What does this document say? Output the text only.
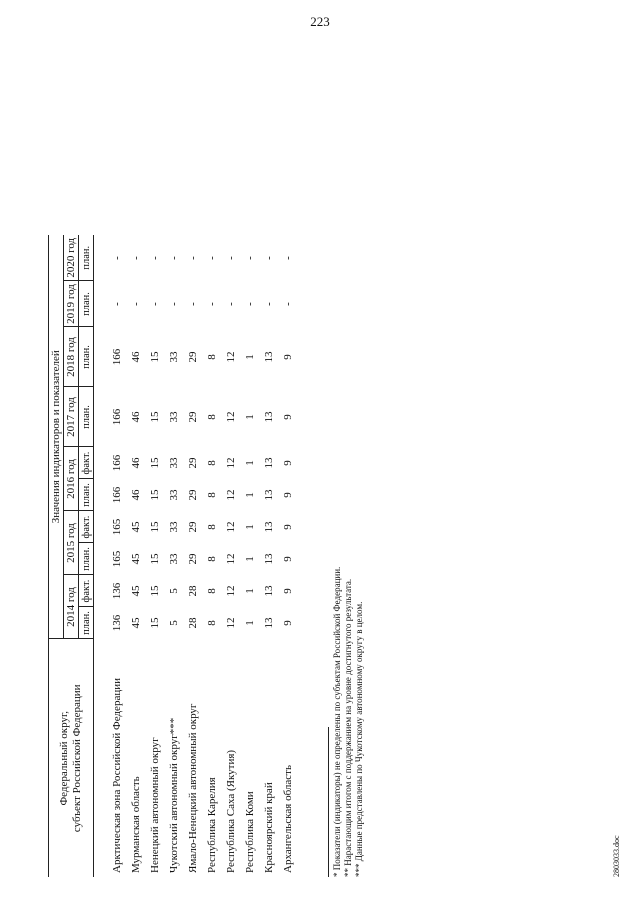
223
Федеральный округ, субъект Российской Федерации	Значения индикаторов и показателей									
	2014 год		2015 год		2016 год		2017 год	2018 год	2019 год	2020 год
	план.	факт.	план.	факт.	план.	факт.	план.	план.	план.	план.
Арктическая зона Российской Федерации	136	136	165	165	166	166	166	166	-	-
Мурманская область	45	45	45	45	46	46	46	46	-	-
Ненецкий автономный округ	15	15	15	15	15	15	15	15	-	-
Чукотский автономный округ***	5	5	33	33	33	33	33	33	-	-
Ямало-Ненецкий автономный округ	28	28	29	29	29	29	29	29	-	-
Республика Карелия	8	8	8	8	8	8	8	8	-	-
Республика Саха (Якутия)	12	12	12	12	12	12	12	12	-	-
Республика Коми	1	1	1	1	1	1	1	1	-	-
Красноярский край	13	13	13	13	13	13	13	13	-	-
Архангельская область	9	9	9	9	9	9	9	9	-	-
* Показатели (индикаторы) не определены по субъектам Российской Федерации. ** Нарастающим итогом с поддержанием на уровне достигнутого результата. *** Данные представлены по Чукотскому автономному округу в целом.	2803033.doc
